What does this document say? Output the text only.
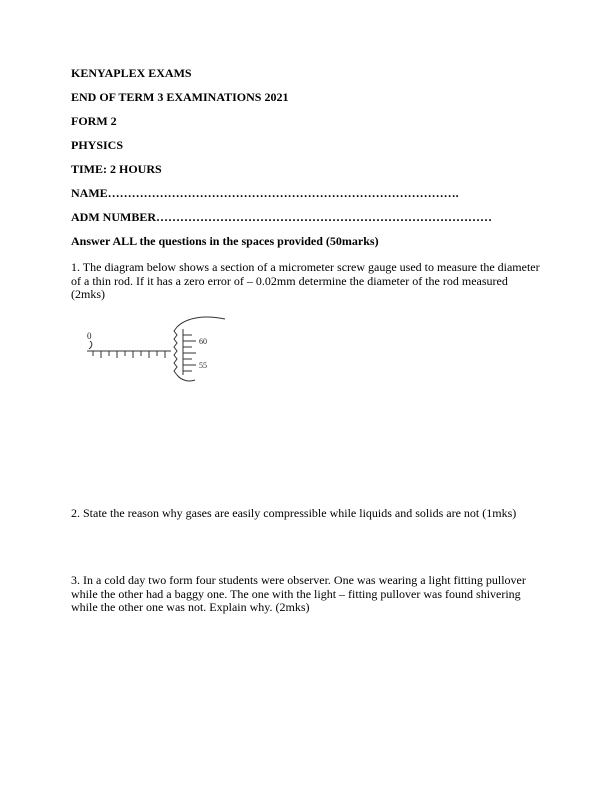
KENYAPLEX EXAMS

END OF TERM 3 EXAMINATIONS 2021

FORM 2

PHYSICS

TIME: 2 HOURS

NAME…………………………………………………………………………….

ADM NUMBER…………………………………………………………………………

Answer ALL the questions in the spaces provided (50marks)

1. The diagram below shows a section of a micrometer screw gauge used to measure the diameter of a thin rod. If it has a zero error of – 0.02mm determine the diameter of the rod measured (2mks)

0
60
55

2. State the reason why gases are easily compressible while liquids and solids are not (1mks)

3. In a cold day two form four students were observer. One was wearing a light fitting pullover while the other had a baggy one. The one with the light – fitting pullover was found shivering while the other one was not. Explain why. (2mks)
